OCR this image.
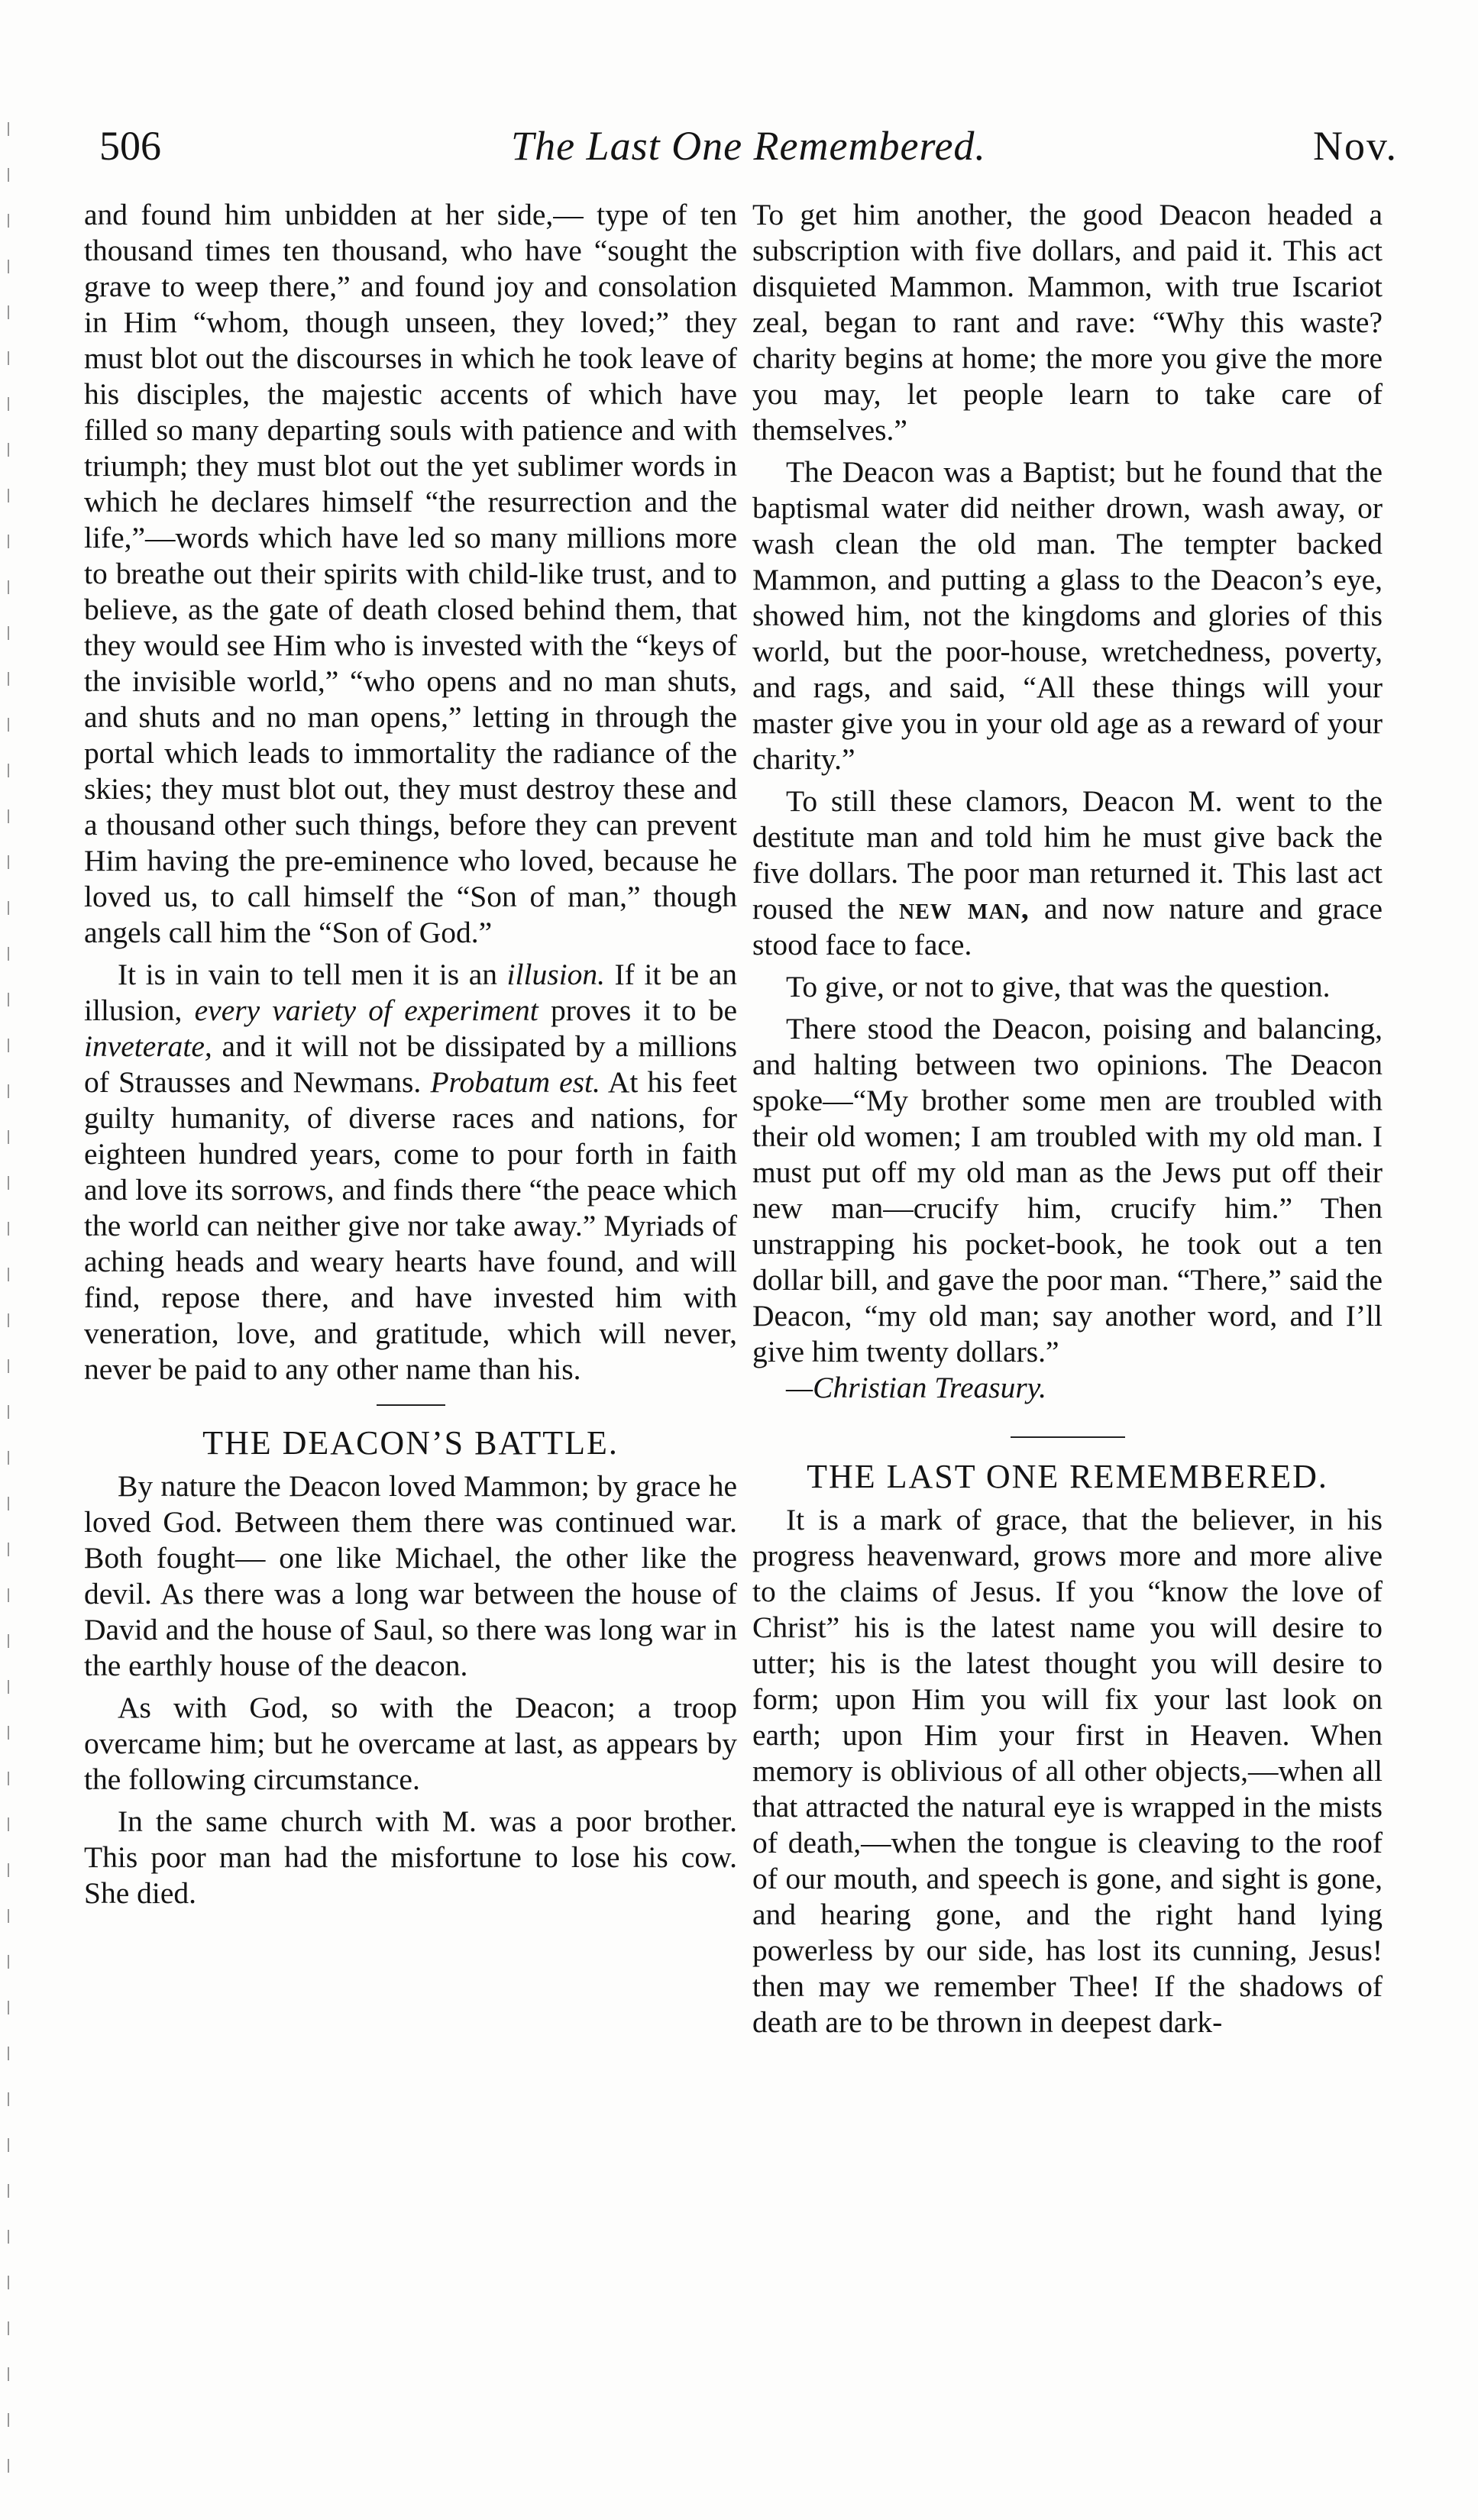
506	The Last One Remembered.	Nov.

and found him unbidden at her side,— type of ten thousand times ten thousand, who have “sought the grave to weep there,” and found joy and consolation in Him “whom, though unseen, they loved;” they must blot out the discourses in which he took leave of his disciples, the majestic accents of which have filled so many departing souls with patience and with triumph; they must blot out the yet sublimer words in which he declares himself “the resurrection and the life,”—words which have led so many millions more to breathe out their spirits with child-like trust, and to believe, as the gate of death closed behind them, that they would see Him who is invested with the “keys of the invisible world,” “who opens and no man shuts, and shuts and no man opens,” letting in through the portal which leads to immortality the radiance of the skies; they must blot out, they must destroy these and a thousand other such things, before they can prevent Him having the pre-eminence who loved, because he loved us, to call himself the “Son of man,” though angels call him the “Son of God.”

It is in vain to tell men it is an illusion. If it be an illusion, every variety of experiment proves it to be inveterate, and it will not be dissipated by a millions of Strausses and Newmans. Probatum est. At his feet guilty humanity, of diverse races and nations, for eighteen hundred years, come to pour forth in faith and love its sorrows, and finds there “the peace which the world can neither give nor take away.” Myriads of aching heads and weary hearts have found, and will find, repose there, and have invested him with veneration, love, and gratitude, which will never, never be paid to any other name than his.

THE DEACON’S BATTLE.

By nature the Deacon loved Mammon; by grace he loved God. Between them there was continued war. Both fought— one like Michael, the other like the devil. As there was a long war between the house of David and the house of Saul, so there was long war in the earthly house of the deacon.

As with God, so with the Deacon; a troop overcame him; but he overcame at last, as appears by the following circumstance.

In the same church with M. was a poor brother. This poor man had the misfortune to lose his cow. She died.

To get him another, the good Deacon headed a subscription with five dollars, and paid it. This act disquieted Mammon. Mammon, with true Iscariot zeal, began to rant and rave: “Why this waste? charity begins at home; the more you give the more you may, let people learn to take care of themselves.”

The Deacon was a Baptist; but he found that the baptismal water did neither drown, wash away, or wash clean the old man. The tempter backed Mammon, and putting a glass to the Deacon’s eye, showed him, not the kingdoms and glories of this world, but the poor-house, wretchedness, poverty, and rags, and said, “All these things will your master give you in your old age as a reward of your charity.”

To still these clamors, Deacon M. went to the destitute man and told him he must give back the five dollars. The poor man returned it. This last act roused the new man, and now nature and grace stood face to face.

To give, or not to give, that was the question.

There stood the Deacon, poising and balancing, and halting between two opinions. The Deacon spoke—“My brother some men are troubled with their old women; I am troubled with my old man. I must put off my old man as the Jews put off their new man—crucify him, crucify him.” Then unstrapping his pocket-book, he took out a ten dollar bill, and gave the poor man. “There,” said the Deacon, “my old man; say another word, and I’ll give him twenty dollars.”

—Christian Treasury.

THE LAST ONE REMEMBERED.

It is a mark of grace, that the believer, in his progress heavenward, grows more and more alive to the claims of Jesus. If you “know the love of Christ” his is the latest name you will desire to utter; his is the latest thought you will desire to form; upon Him you will fix your last look on earth; upon Him your first in Heaven. When memory is oblivious of all other objects,—when all that attracted the natural eye is wrapped in the mists of death,—when the tongue is cleaving to the roof of our mouth, and speech is gone, and sight is gone, and hearing gone, and the right hand lying powerless by our side, has lost its cunning, Jesus! then may we remember Thee! If the shadows of death are to be thrown in deepest dark-
